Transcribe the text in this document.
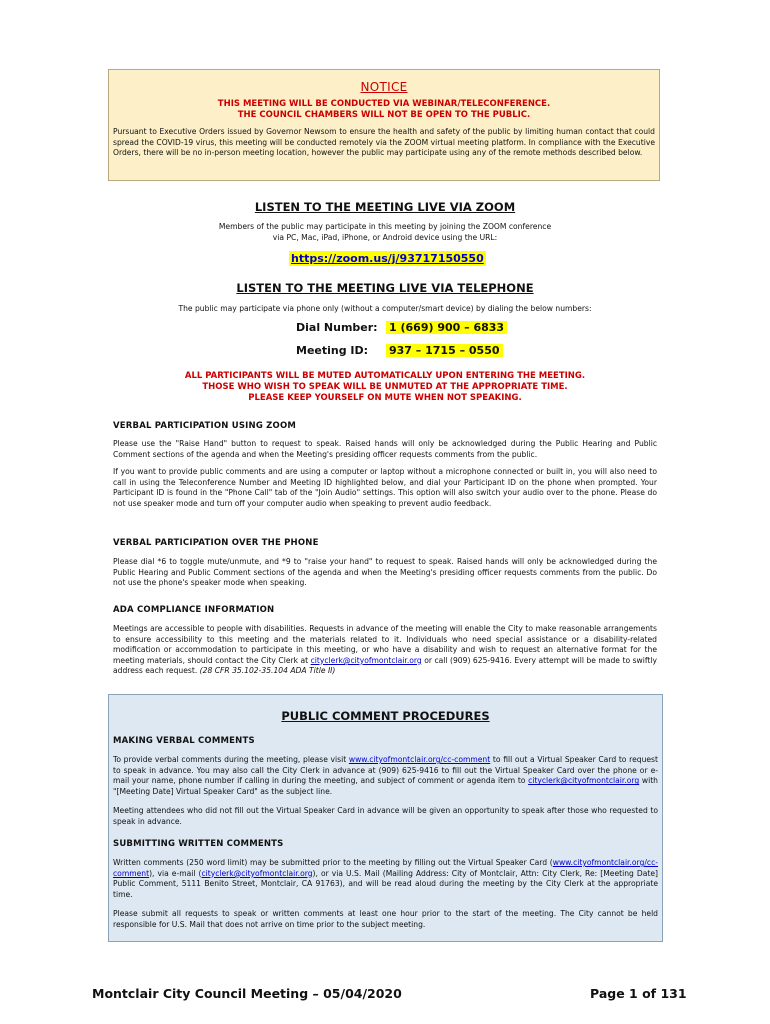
NOTICE
THIS MEETING WILL BE CONDUCTED VIA WEBINAR/TELECONFERENCE.
THE COUNCIL CHAMBERS WILL NOT BE OPEN TO THE PUBLIC.
Pursuant to Executive Orders issued by Governor Newsom to ensure the health and safety of the public by limiting human contact that could spread the COVID-19 virus, this meeting will be conducted remotely via the ZOOM virtual meeting platform. In compliance with the Executive Orders, there will be no in-person meeting location, however the public may participate using any of the remote methods described below.
LISTEN TO THE MEETING LIVE VIA ZOOM
Members of the public may participate in this meeting by joining the ZOOM conference
via PC, Mac, iPad, iPhone, or Android device using the URL:
https://zoom.us/j/93717150550
LISTEN TO THE MEETING LIVE VIA TELEPHONE
The public may participate via phone only (without a computer/smart device) by dialing the below numbers:
Dial Number: 1 (669) 900 – 6833
Meeting ID: 937 – 1715 – 0550
ALL PARTICIPANTS WILL BE MUTED AUTOMATICALLY UPON ENTERING THE MEETING.
THOSE WHO WISH TO SPEAK WILL BE UNMUTED AT THE APPROPRIATE TIME.
PLEASE KEEP YOURSELF ON MUTE WHEN NOT SPEAKING.
VERBAL PARTICIPATION USING ZOOM
Please use the "Raise Hand" button to request to speak. Raised hands will only be acknowledged during the Public Hearing and Public Comment sections of the agenda and when the Meeting's presiding officer requests comments from the public.
If you want to provide public comments and are using a computer or laptop without a microphone connected or built in, you will also need to call in using the Teleconference Number and Meeting ID highlighted below, and dial your Participant ID on the phone when prompted. Your Participant ID is found in the "Phone Call" tab of the "Join Audio" settings. This option will also switch your audio over to the phone. Please do not use speaker mode and turn off your computer audio when speaking to prevent audio feedback.
VERBAL PARTICIPATION OVER THE PHONE
Please dial *6 to toggle mute/unmute, and *9 to "raise your hand" to request to speak. Raised hands will only be acknowledged during the Public Hearing and Public Comment sections of the agenda and when the Meeting's presiding officer requests comments from the public. Do not use the phone's speaker mode when speaking.
ADA COMPLIANCE INFORMATION
Meetings are accessible to people with disabilities. Requests in advance of the meeting will enable the City to make reasonable arrangements to ensure accessibility to this meeting and the materials related to it. Individuals who need special assistance or a disability-related modification or accommodation to participate in this meeting, or who have a disability and wish to request an alternative format for the meeting materials, should contact the City Clerk at cityclerk@cityofmontclair.org or call (909) 625-9416. Every attempt will be made to swiftly address each request. (28 CFR 35.102-35.104 ADA Title II)
PUBLIC COMMENT PROCEDURES
MAKING VERBAL COMMENTS
To provide verbal comments during the meeting, please visit www.cityofmontclair.org/cc-comment to fill out a Virtual Speaker Card to request to speak in advance. You may also call the City Clerk in advance at (909) 625-9416 to fill out the Virtual Speaker Card over the phone or e-mail your name, phone number if calling in during the meeting, and subject of comment or agenda item to cityclerk@cityofmontclair.org with "[Meeting Date] Virtual Speaker Card" as the subject line.
Meeting attendees who did not fill out the Virtual Speaker Card in advance will be given an opportunity to speak after those who requested to speak in advance.
SUBMITTING WRITTEN COMMENTS
Written comments (250 word limit) may be submitted prior to the meeting by filling out the Virtual Speaker Card (www.cityofmontclair.org/cc-comment), via e-mail (cityclerk@cityofmontclair.org), or via U.S. Mail (Mailing Address: City of Montclair, Attn: City Clerk, Re: [Meeting Date] Public Comment, 5111 Benito Street, Montclair, CA 91763), and will be read aloud during the meeting by the City Clerk at the appropriate time.
Please submit all requests to speak or written comments at least one hour prior to the start of the meeting. The City cannot be held responsible for U.S. Mail that does not arrive on time prior to the subject meeting.
Montclair City Council Meeting – 05/04/2020	Page 1 of 131
